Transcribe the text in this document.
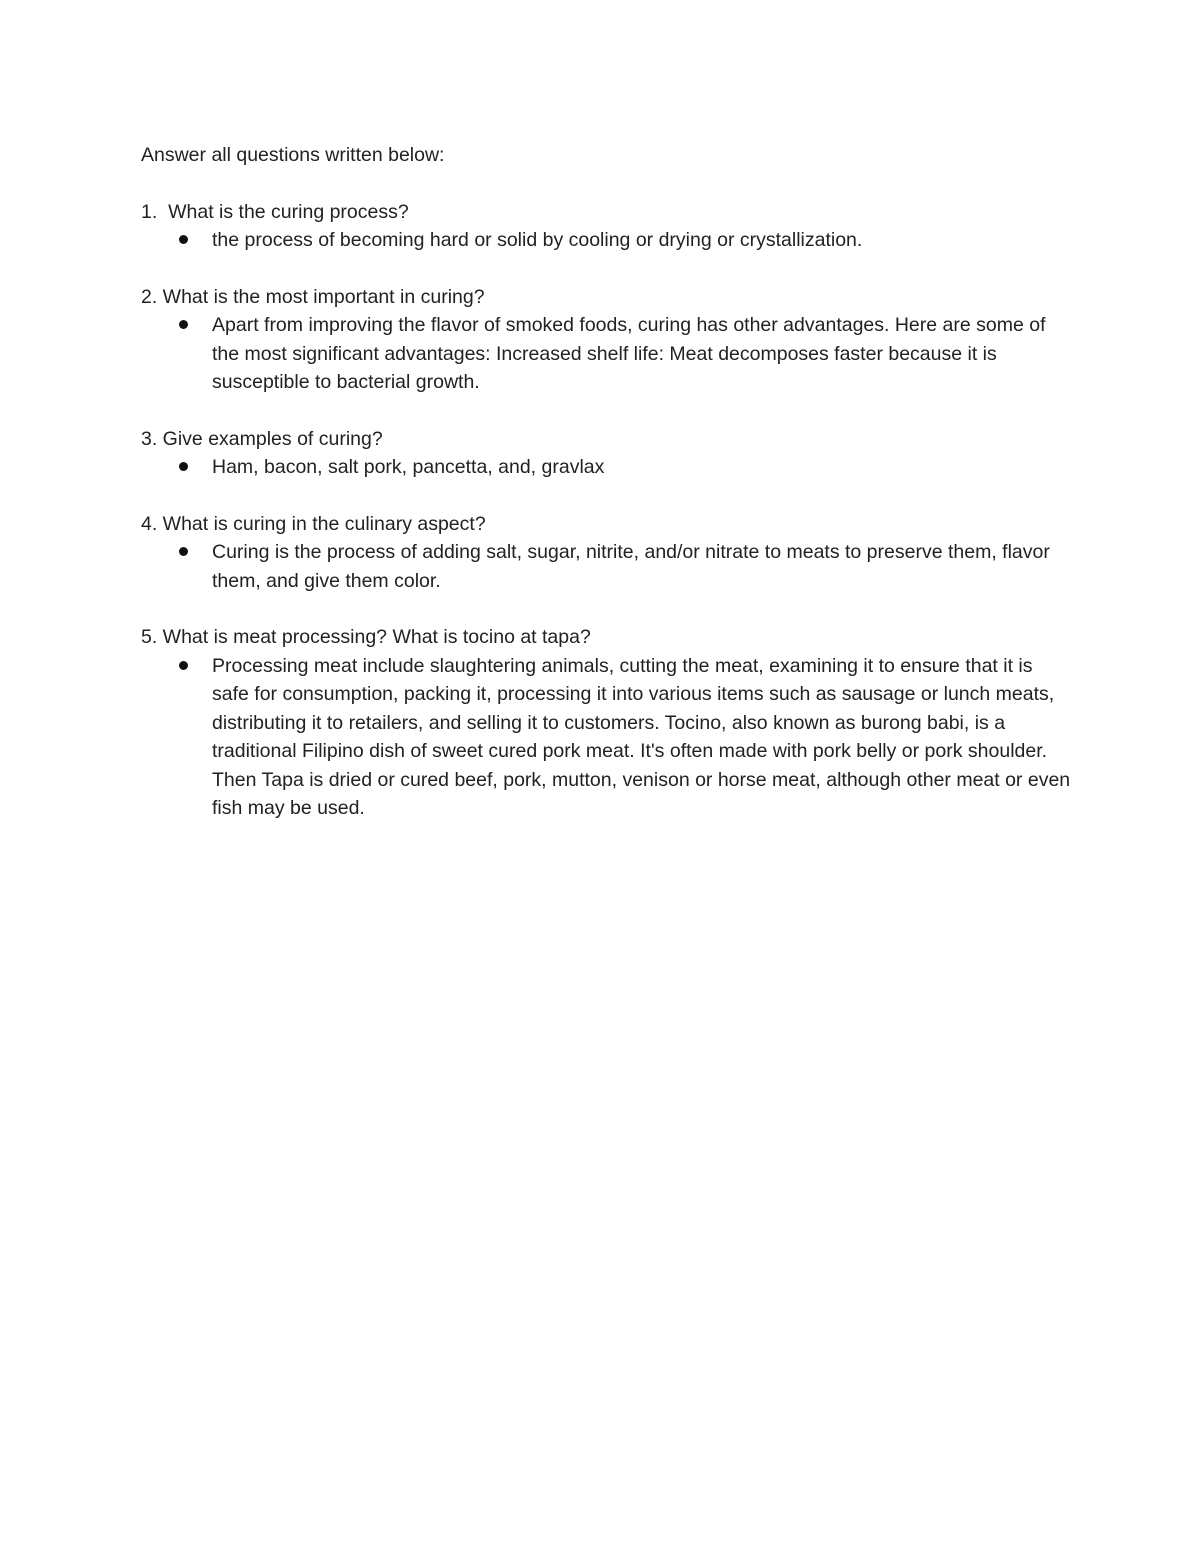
Answer all questions written below:

1.  What is the curing process?

the process of becoming hard or solid by cooling or drying or crystallization.

2. What is the most important in curing?

Apart from improving the flavor of smoked foods, curing has other advantages. Here are some of the most significant advantages: Increased shelf life: Meat decomposes faster because it is susceptible to bacterial growth.

3. Give examples of curing?

Ham, bacon, salt pork, pancetta, and, gravlax

4. What is curing in the culinary aspect?

Curing is the process of adding salt, sugar, nitrite, and/or nitrate to meats to preserve them, flavor them, and give them color.

5. What is meat processing? What is tocino at tapa?

Processing meat include slaughtering animals, cutting the meat, examining it to ensure that it is safe for consumption, packing it, processing it into various items such as sausage or lunch meats, distributing it to retailers, and selling it to customers. Tocino, also known as burong babi, is a traditional Filipino dish of sweet cured pork meat. It's often made with pork belly or pork shoulder. Then Tapa is dried or cured beef, pork, mutton, venison or horse meat, although other meat or even fish may be used.
